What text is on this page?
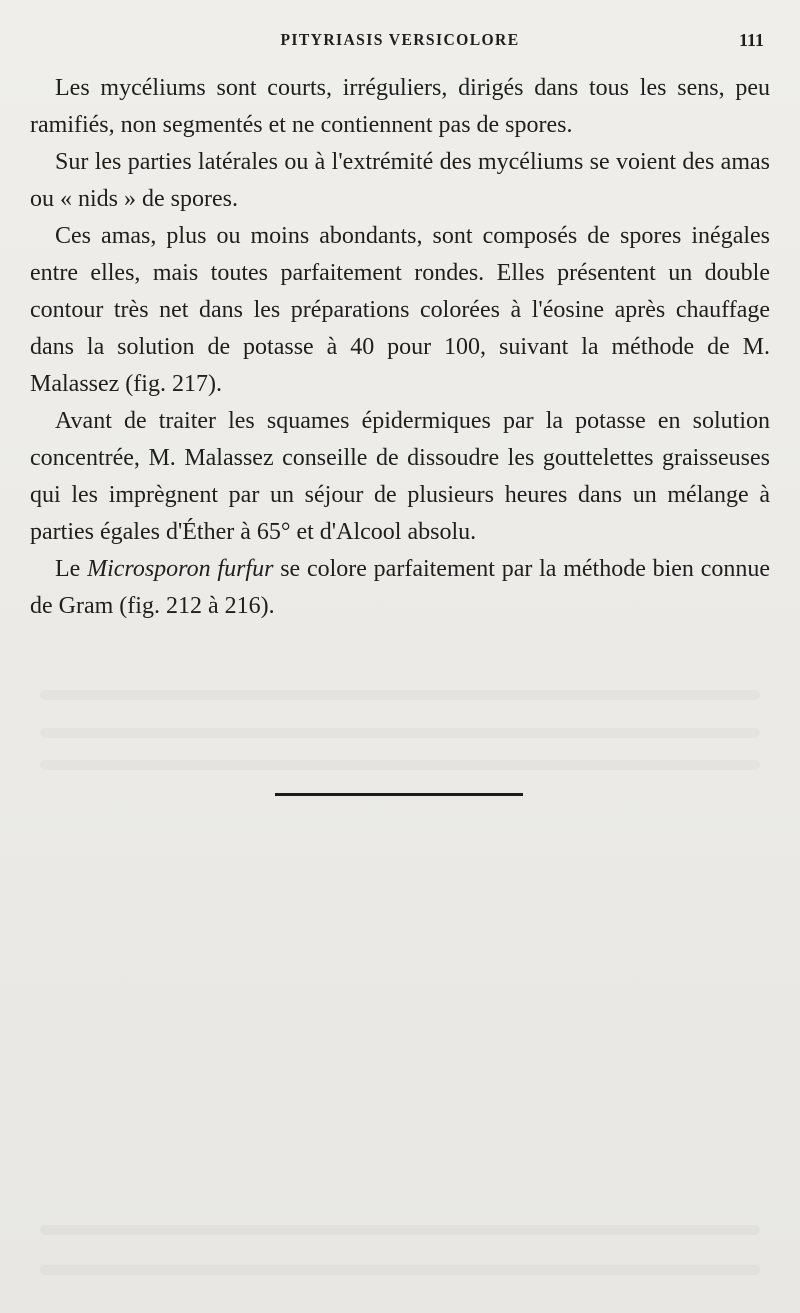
PITYRIASIS VERSICOLORE	111

Les mycéliums sont courts, irréguliers, dirigés dans tous les sens, peu ramifiés, non segmentés et ne contiennent pas de spores.

Sur les parties latérales ou à l'extrémité des mycéliums se voient des amas ou « nids » de spores.

Ces amas, plus ou moins abondants, sont composés de spores inégales entre elles, mais toutes parfaitement rondes. Elles présentent un double contour très net dans les préparations colorées à l'éosine après chauffage dans la solution de potasse à 40 pour 100, suivant la méthode de M. Malassez (fig. 217).

Avant de traiter les squames épidermiques par la potasse en solution concentrée, M. Malassez conseille de dissoudre les gouttelettes graisseuses qui les imprègnent par un séjour de plusieurs heures dans un mélange à parties égales d'Éther à 65° et d'Alcool absolu.

Le Microsporon furfur se colore parfaitement par la méthode bien connue de Gram (fig. 212 à 216).
